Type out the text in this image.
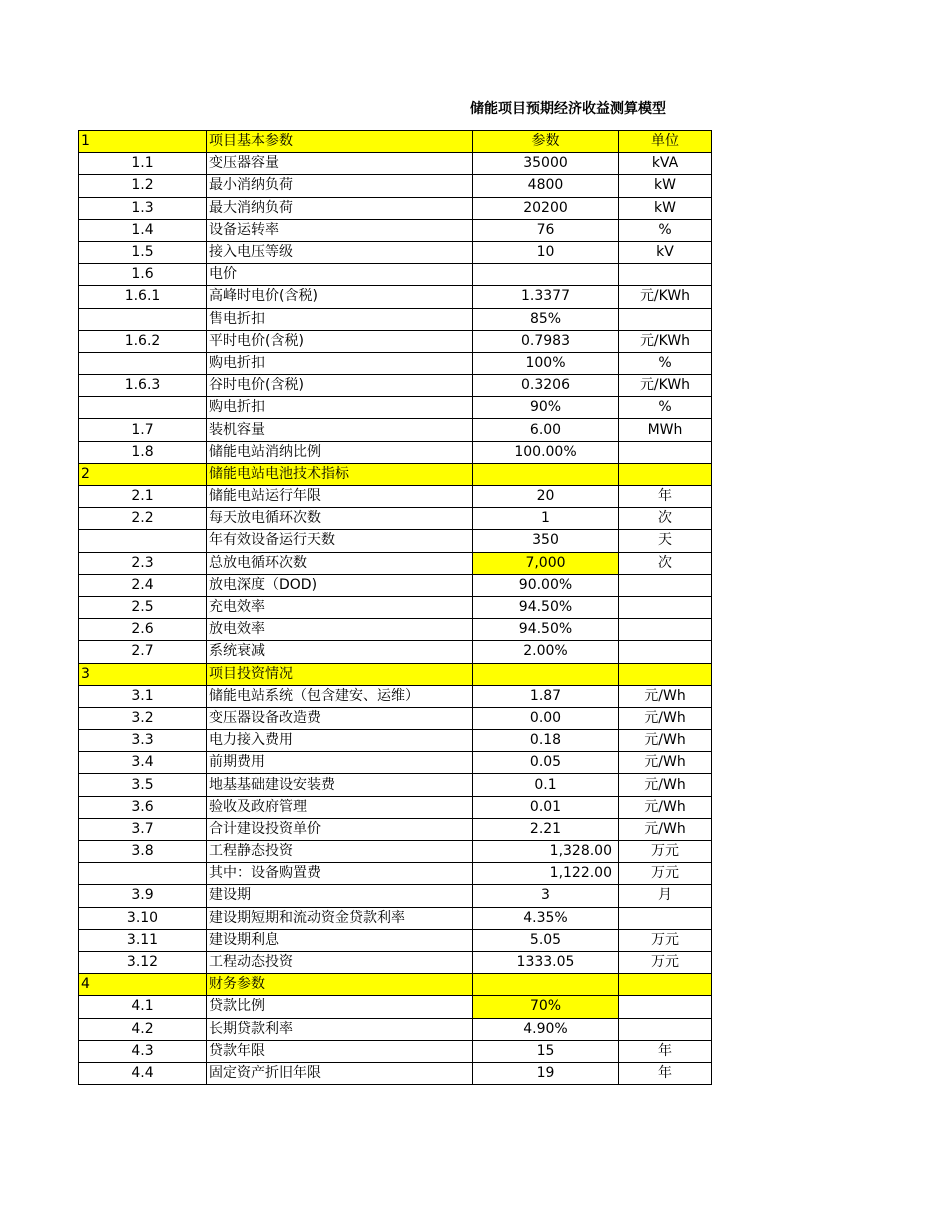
储能项目预期经济收益测算模型
1	项目基本参数	参数	单位
1.1	变压器容量	35000	kVA
1.2	最小消纳负荷	4800	kW
1.3	最大消纳负荷	20200	kW
1.4	设备运转率	76	%
1.5	接入电压等级	10	kV
1.6	电价		
1.6.1	高峰时电价(含税)	1.3377	元/KWh
	售电折扣	85%	
1.6.2	平时电价(含税)	0.7983	元/KWh
	购电折扣	100%	%
1.6.3	谷时电价(含税)	0.3206	元/KWh
	购电折扣	90%	%
1.7	装机容量	6.00	MWh
1.8	储能电站消纳比例	100.00%	
2	储能电站电池技术指标		
2.1	储能电站运行年限	20	年
2.2	每天放电循环次数	1	次
	年有效设备运行天数	350	天
2.3	总放电循环次数	7,000	次
2.4	放电深度（DOD)	90.00%	
2.5	充电效率	94.50%	
2.6	放电效率	94.50%	
2.7	系统衰减	2.00%	
3	项目投资情况		
3.1	储能电站系统（包含建安、运维）	1.87	元/Wh
3.2	变压器设备改造费	0.00	元/Wh
3.3	电力接入费用	0.18	元/Wh
3.4	前期费用	0.05	元/Wh
3.5	地基基础建设安装费	0.1	元/Wh
3.6	验收及政府管理	0.01	元/Wh
3.7	合计建设投资单价	2.21	元/Wh
3.8	工程静态投资	1,328.00	万元
	其中：设备购置费	1,122.00	万元
3.9	建设期	3	月
3.10	建设期短期和流动资金贷款利率	4.35%	
3.11	建设期利息	5.05	万元
3.12	工程动态投资	1333.05	万元
4	财务参数		
4.1	贷款比例	70%	
4.2	长期贷款利率	4.90%	
4.3	贷款年限	15	年
4.4	固定资产折旧年限	19	年
